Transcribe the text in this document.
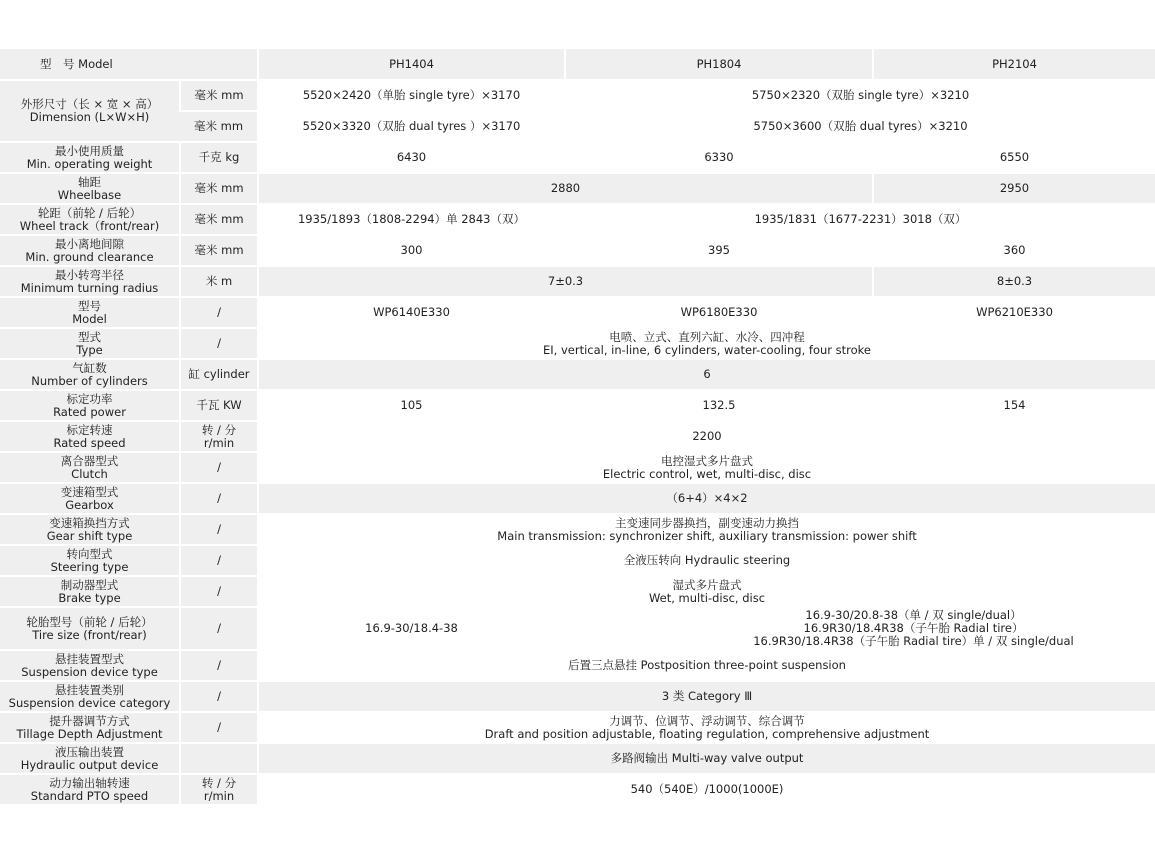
型　号 Model		PH1404	PH1804	PH2104

外形尺寸（长 × 宽 × 高）
Dimension (L×W×H)	毫米 mm	5520×2420（单胎 single tyre）×3170	5750×2320（双胎 single tyre）×3210	
	毫米 mm	5520×3320（双胎 dual tyres ）×3170	5750×3600（双胎 dual tyres）×3210	

最小使用质量
Min. operating weight	千克 kg	6430	6330	6550

轴距
Wheelbase	毫米 mm	2880		2950

轮距（前轮 / 后轮）
Wheel track（front/rear)	毫米 mm	1935/1893（1808-2294）单 2843（双）	1935/1831（1677-2231）3018（双）	

最小离地间隙
Min. ground clearance	毫米 mm	300	395	360

最小转弯半径
Minimum turning radius	米 m	7±0.3		8±0.3

型号
Model	/	WP6140E330	WP6180E330	WP6210E330

型式
Type	/	电喷、立式、直列六缸、水冷、四冲程
EI, vertical, in-line, 6 cylinders, water-cooling, four stroke		

气缸数
Number of cylinders	缸 cylinder	6		

标定功率
Rated power	千瓦 KW	105	132.5	154

标定转速
Rated speed	转 / 分 r/min	2200		

离合器型式
Clutch	/	电控湿式多片盘式
Electric control, wet, multi-disc, disc		

变速箱型式
Gearbox	/	（6+4）×4×2		

变速箱换挡方式
Gear shift type	/	主变速同步器换挡，副变速动力换挡
Main transmission: synchronizer shift, auxiliary transmission: power shift		

转向型式
Steering type	/	全液压转向 Hydraulic steering		

制动器型式
Brake type	/	湿式多片盘式
Wet, multi-disc, disc		

轮胎型号（前轮 / 后轮）
Tire size (front/rear)	/	16.9-30/18.4-38	16.9-30/20.8-38（单 / 双 single/dual）
16.9R30/18.4R38（子午胎 Radial tire）
16.9R30/18.4R38（子午胎 Radial tire）单 / 双 single/dual	

悬挂装置型式
Suspension device type	/	后置三点悬挂 Postposition three-point suspension		

悬挂装置类别
Suspension device category	/	3 类 Category Ⅲ		

提升器调节方式
Tillage Depth Adjustment	/	力调节、位调节、浮动调节、综合调节
Draft and position adjustable, floating regulation, comprehensive adjustment		

液压输出装置
Hydraulic output device		多路阀输出 Multi-way valve output		

动力输出轴转速
Standard PTO speed	转 / 分 r/min	540（540E）/1000(1000E)		
